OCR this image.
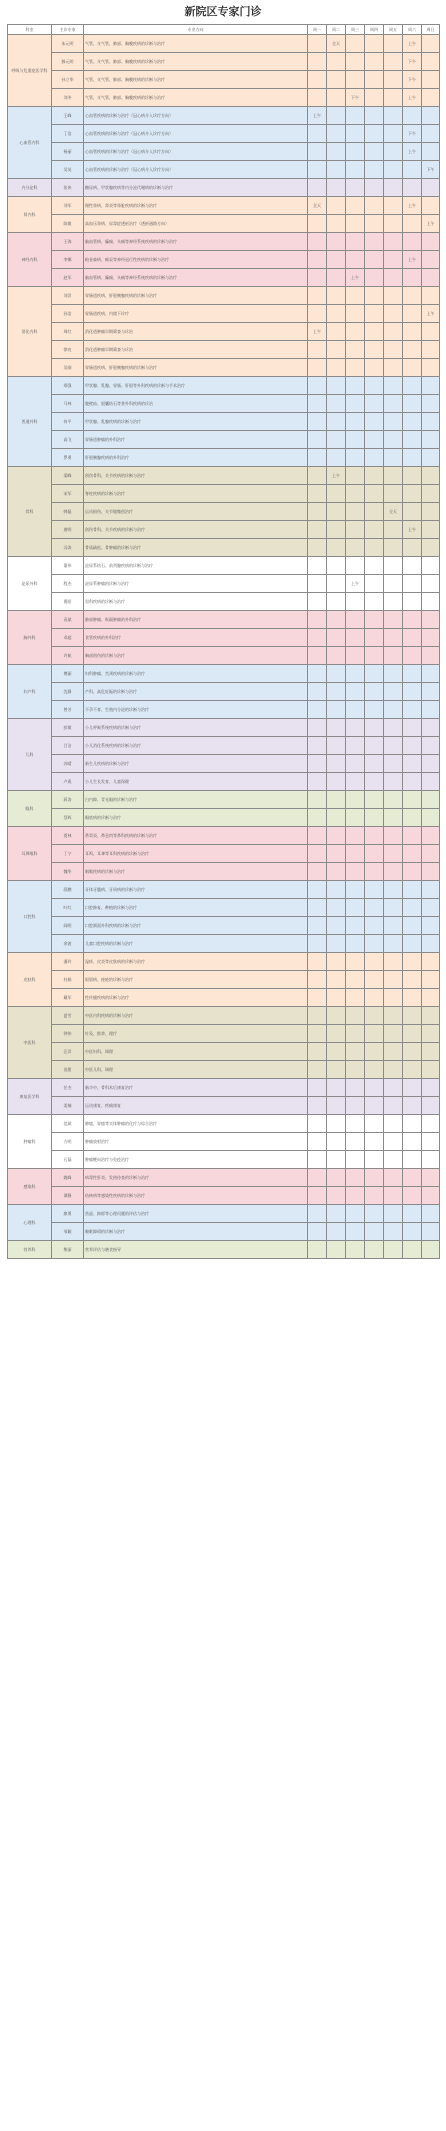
新院区专家门诊
科室	主诊专家	专业方向	周一	周二	周三	周四	周五	周六	周日
呼吸与危重症医学科	朱元明	气管、支气管、肺部、胸膜疾病的诊断与治疗		全天				上午	
	滕元明	气管、支气管、肺部、胸膜疾病的诊断与治疗						下午	
	孙立华	气管、支气管、肺部、胸膜疾病的诊断与治疗						下午	
	刘冬	气管、支气管、肺部、胸膜疾病的诊断与治疗			下午			上午	
心血管内科	王峰	心血管疾病的诊断与治疗（冠心病介入诊疗方向）	上午						
	丁浩	心血管疾病的诊断与治疗（冠心病介入诊疗方向）						下午	
	杨丽	心血管疾病的诊断与治疗（冠心病介入诊疗方向）						上午	
	吴英	心血管疾病的诊断与治疗（冠心病介入诊疗方向）							下午
内分泌科	张伟	糖尿病、甲状腺疾病等内分泌代谢病的诊断与治疗							
肾内科	刘军	慢性肾病、肾炎等肾脏疾病的诊断与治疗	全天					上午	
	陈敏	高血压肾病、尿毒症透析治疗（透析通路方向）							上午
神经内科	王海	脑血管病、癫痫、头痛等神经系统疾病的诊断与治疗							
	李娜	帕金森病、痴呆等神经退行性疾病的诊断与治疗						上午	
	赵军	脑血管病、癫痫、头痛等神经系统疾病的诊断与治疗			上午				
消化内科	刘洋	胃肠道疾病、肝胆胰腺疾病的诊断与治疗							
	孙浩	胃肠道疾病、内镜下诊疗							上午
	周红	消化道肿瘤早期筛查与诊治	上午						
	徐亮	消化道肿瘤早期筛查与诊治							
	吴刚	胃肠道疾病、肝胆胰腺疾病的诊断与治疗							
普通外科	郑强	甲状腺、乳腺、胃肠、肝胆等外科疾病的诊断与手术治疗							
	马林	腹壁疝、胆囊结石等普外科疾病的诊治							
	何平	甲状腺、乳腺疾病的诊断与治疗							
	高飞	胃肠道肿瘤的外科治疗							
	罗勇	肝胆胰腺疾病的外科治疗							
骨科	梁峰	创伤骨科、关节疾病的诊断与治疗		上午					
	宋军	脊柱疾病的诊断与治疗							
	韩磊	运动损伤、关节镜微创治疗					全天		
	唐明	创伤骨科、关节疾病的诊断与治疗						上午	
	冯涛	骨质疏松、骨肿瘤的诊断与治疗							
泌尿外科	董伟	泌尿系结石、前列腺疾病的诊断与治疗							
	程杰	泌尿系肿瘤的诊断与治疗			上午				
	曹阳	男科疾病的诊断与治疗							
胸外科	袁斌	肺部肿瘤、纵隔肿瘤的外科治疗							
	邓超	食管疾病的外科治疗							
	许航	胸部创伤的诊断与治疗							
妇产科	傅丽	妇科肿瘤、宫颈疾病的诊断与治疗							
	沈静	产科、高危妊娠的诊断与治疗							
	曾芳	不孕不育、生殖内分泌的诊断与治疗							
儿科	彭敏	小儿呼吸系统疾病的诊断与治疗							
	吕洁	小儿消化系统疾病的诊断与治疗							
	苏晴	新生儿疾病的诊断与治疗							
	卢燕	小儿生长发育、儿童保健							
眼科	蒋涛	白内障、青光眼的诊断与治疗							
	蔡辉	眼底病的诊断与治疗							
耳鼻喉科	贾林	鼻窦炎、鼻息肉等鼻科疾病的诊断与治疗							
	丁宁	耳鸣、耳聋等耳科疾病的诊断与治疗							
	魏华	咽喉疾病的诊断与治疗							
口腔科	薛鹏	牙体牙髓病、牙周病的诊断与治疗							
	叶红	口腔修复、种植的诊断与治疗							
	阎明	口腔颌面外科疾病的诊断与治疗							
	余波	儿童口腔疾病的诊断与治疗							
皮肤科	潘玲	湿疹、皮炎等皮肤病的诊断与治疗							
	杜娟	银屑病、痤疮的诊断与治疗							
	戴军	性传播疾病的诊断与治疗							
中医科	夏雪	中医内科疾病的诊断与治疗							
	钟伟	针灸、推拿、理疗							
	汪洋	中医妇科、调理							
	田甜	中医儿科、调理							
康复医学科	任杰	脑卒中、骨科术后康复治疗							
	姜楠	运动康复、疼痛康复							
肿瘤科	范斌	肺癌、胃癌等实体肿瘤的化疗与综合治疗							
	方明	肿瘤放射治疗							
	石磊	肿瘤靶向治疗与免疫治疗							
感染科	姚峰	病毒性肝炎、发热待查的诊断与治疗							
	谭静	结核病等感染性疾病的诊断与治疗							
心理科	廖勇	焦虑、抑郁等心理问题的评估与治疗							
	邹颖	睡眠障碍的诊断与治疗							
营养科	熊丽	营养评估与膳食指导							
